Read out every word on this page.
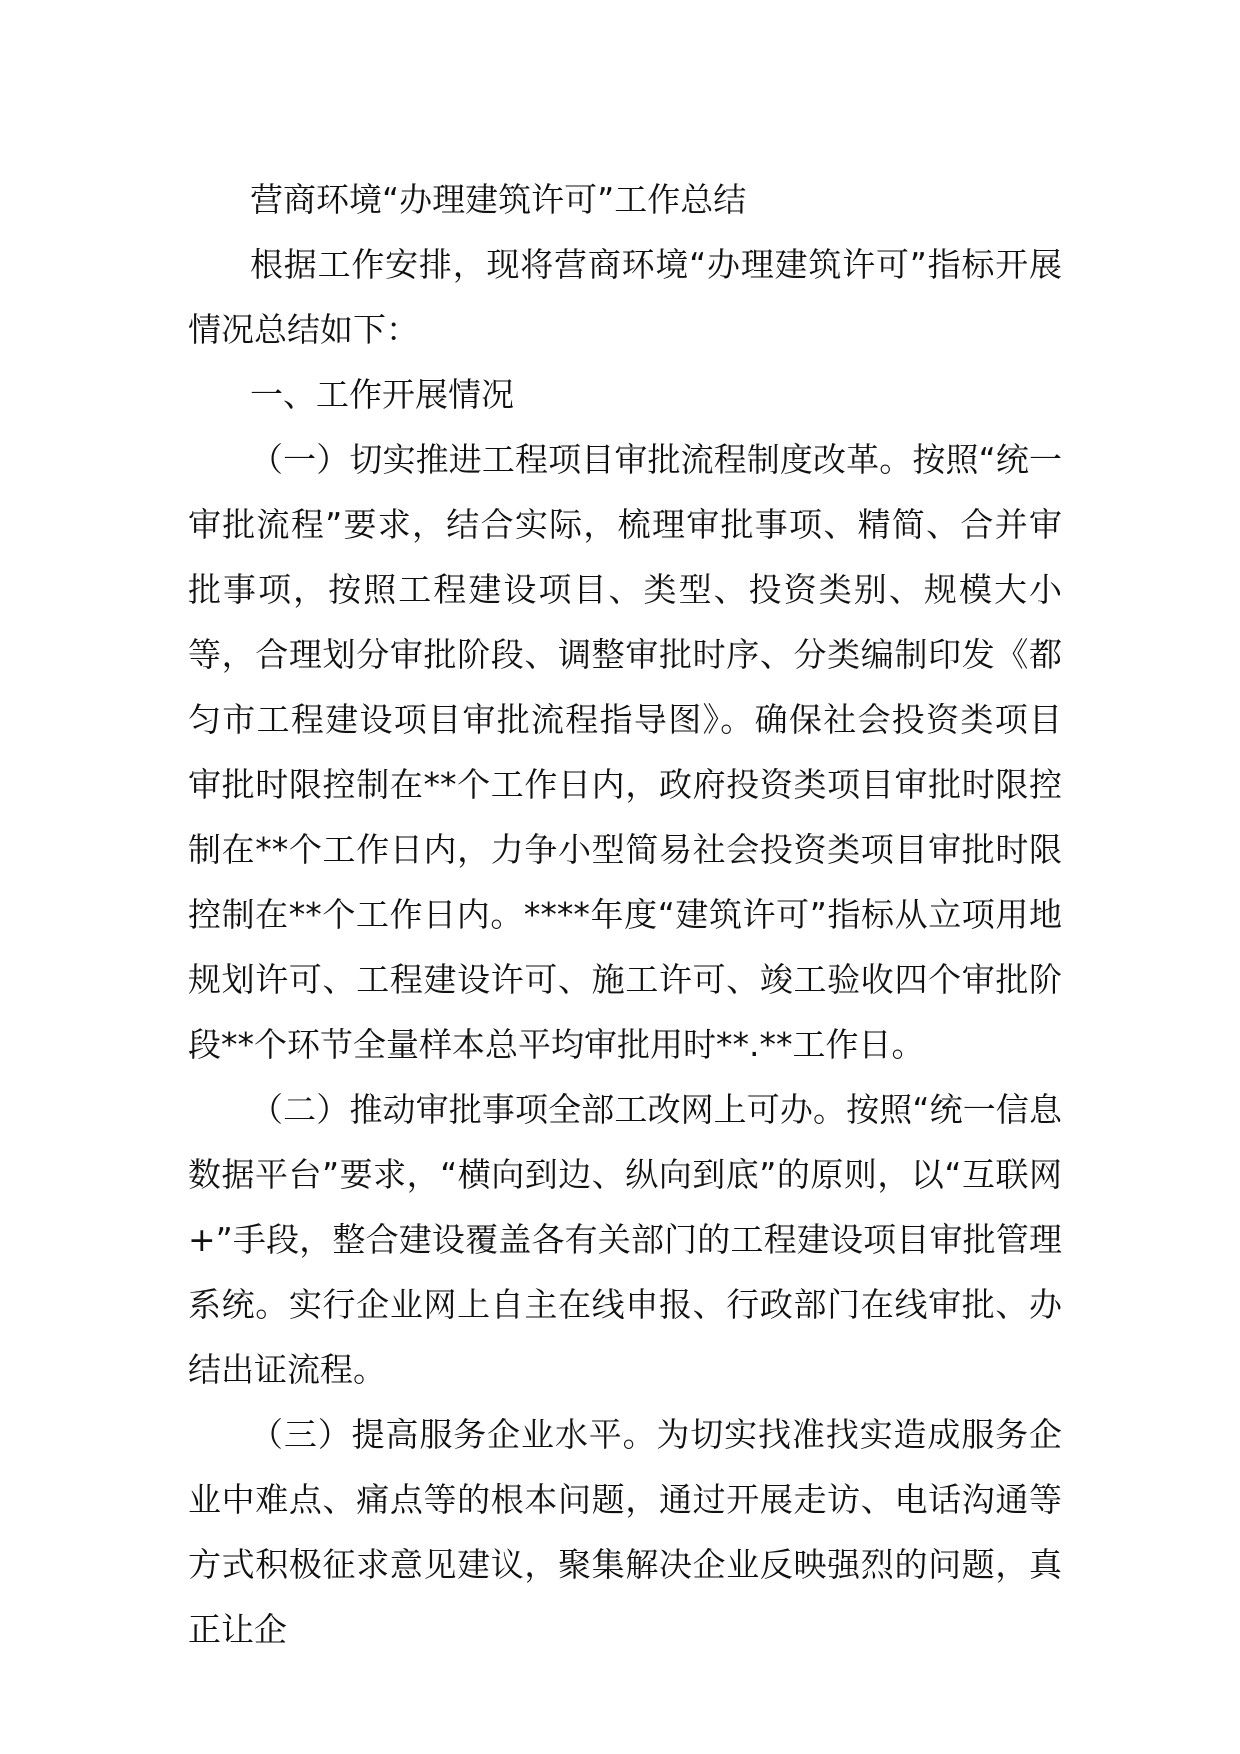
营商环境“办理建筑许可”工作总结

根据工作安排，现将营商环境“办理建筑许可”指标开展情况总结如下：

一、工作开展情况

（一）切实推进工程项目审批流程制度改革。按照“统一审批流程”要求，结合实际，梳理审批事项、精简、合并审批事项，按照工程建设项目、类型、投资类别、规模大小等，合理划分审批阶段、调整审批时序、分类编制印发《都匀市工程建设项目审批流程指导图》。确保社会投资类项目审批时限控制在**个工作日内，政府投资类项目审批时限控制在**个工作日内，力争小型简易社会投资类项目审批时限控制在**个工作日内。****年度“建筑许可”指标从立项用地规划许可、工程建设许可、施工许可、竣工验收四个审批阶段**个环节全量样本总平均审批用时**.**工作日。

（二）推动审批事项全部工改网上可办。按照“统一信息数据平台”要求，“横向到边、纵向到底”的原则，以“互联网+”手段，整合建设覆盖各有关部门的工程建设项目审批管理系统。实行企业网上自主在线申报、行政部门在线审批、办结出证流程。

（三）提高服务企业水平。为切实找准找实造成服务企业中难点、痛点等的根本问题，通过开展走访、电话沟通等方式积极征求意见建议，聚集解决企业反映强烈的问题，真正让企
